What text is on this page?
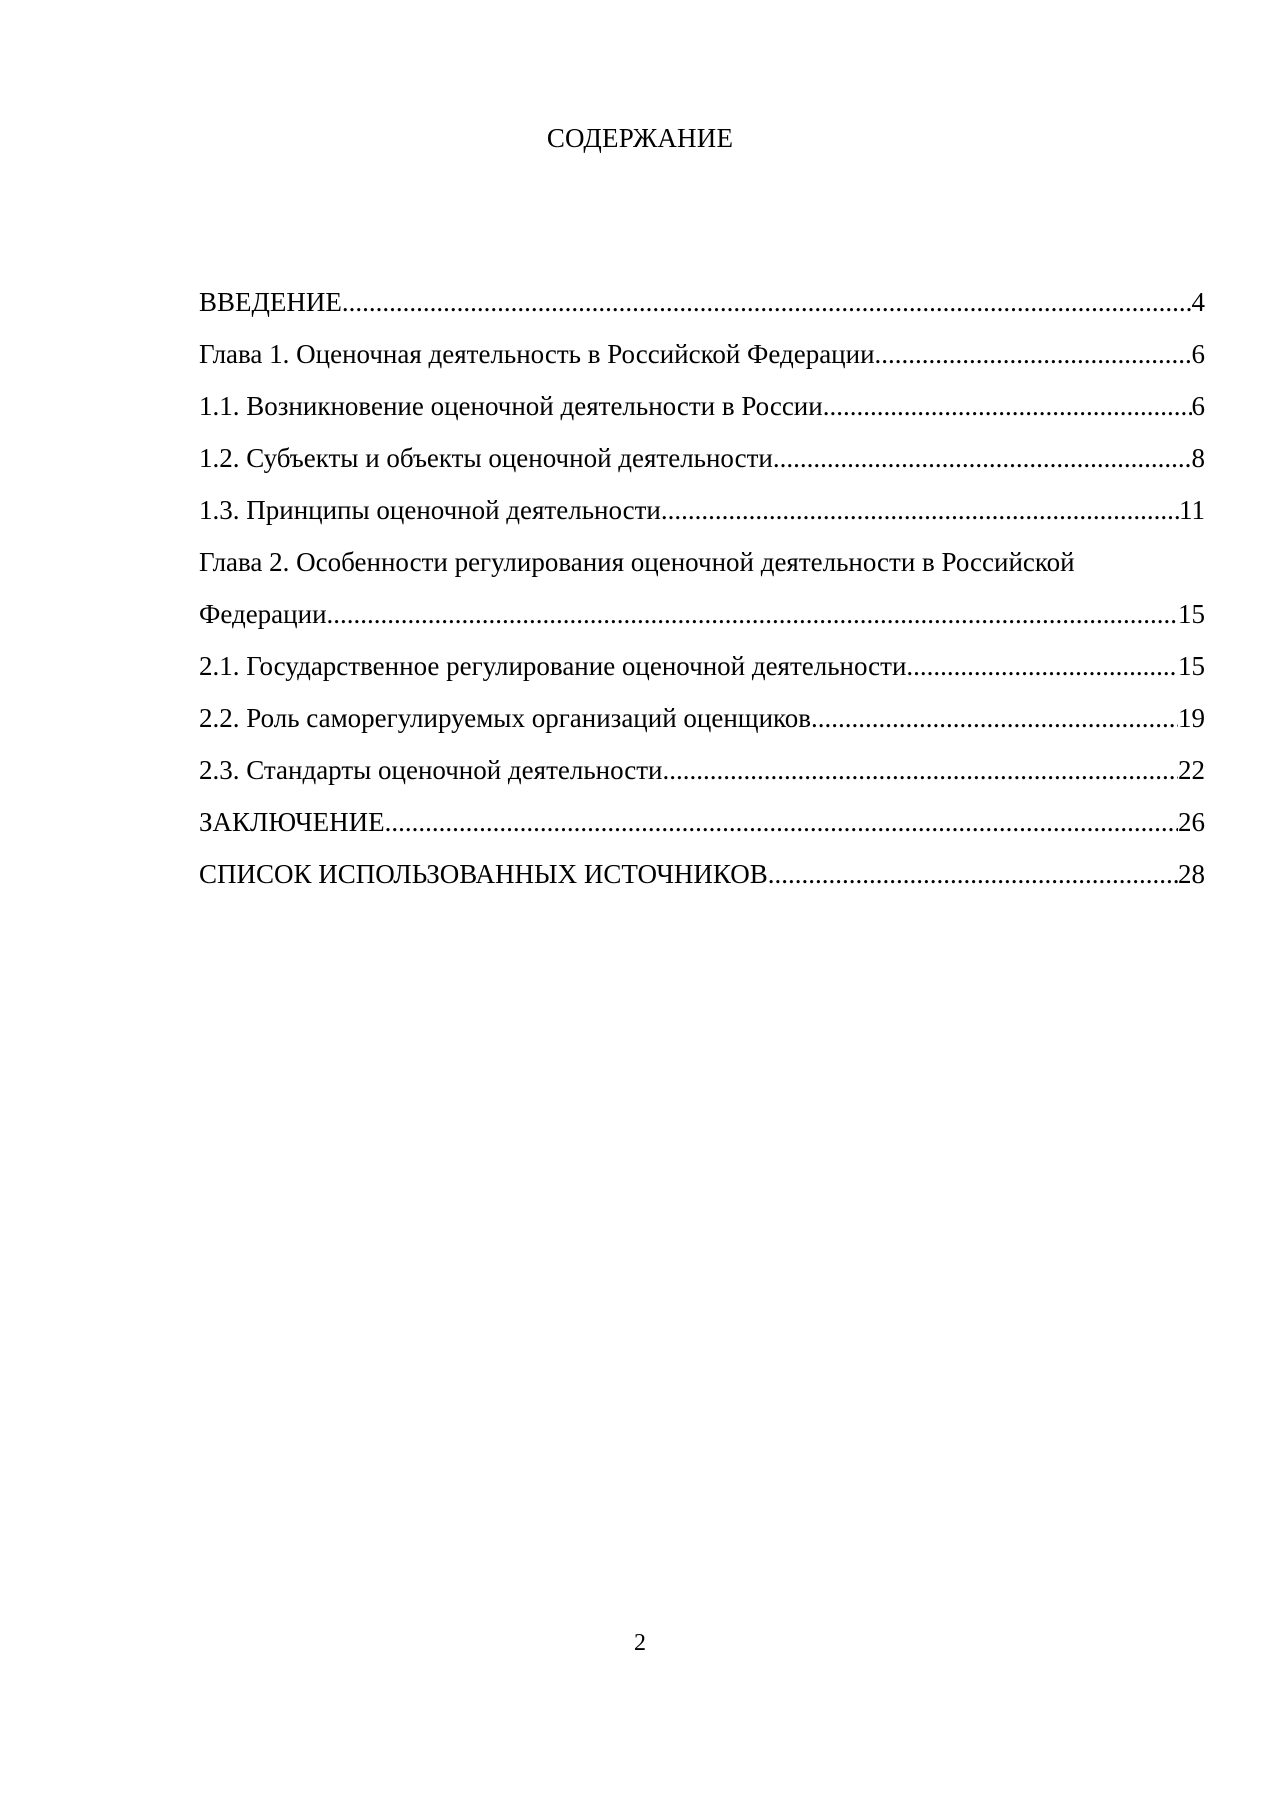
СОДЕРЖАНИЕ
ВВЕДЕНИЕ .....	4
Глава 1. Оценочная деятельность в Российской Федерации .....	6
1.1. Возникновение оценочной деятельности в России .....	6
1.2. Субъекты и объекты оценочной деятельности .....	8
1.3. Принципы оценочной деятельности .....	11
Глава 2. Особенности регулирования оценочной деятельности в Российской
Федерации .....	15
2.1. Государственное регулирование оценочной деятельности .....	15
2.2. Роль саморегулируемых организаций оценщиков .....	19
2.3. Стандарты оценочной деятельности .....	22
ЗАКЛЮЧЕНИЕ .....	26
СПИСОК ИСПОЛЬЗОВАННЫХ ИСТОЧНИКОВ .....	28
2
